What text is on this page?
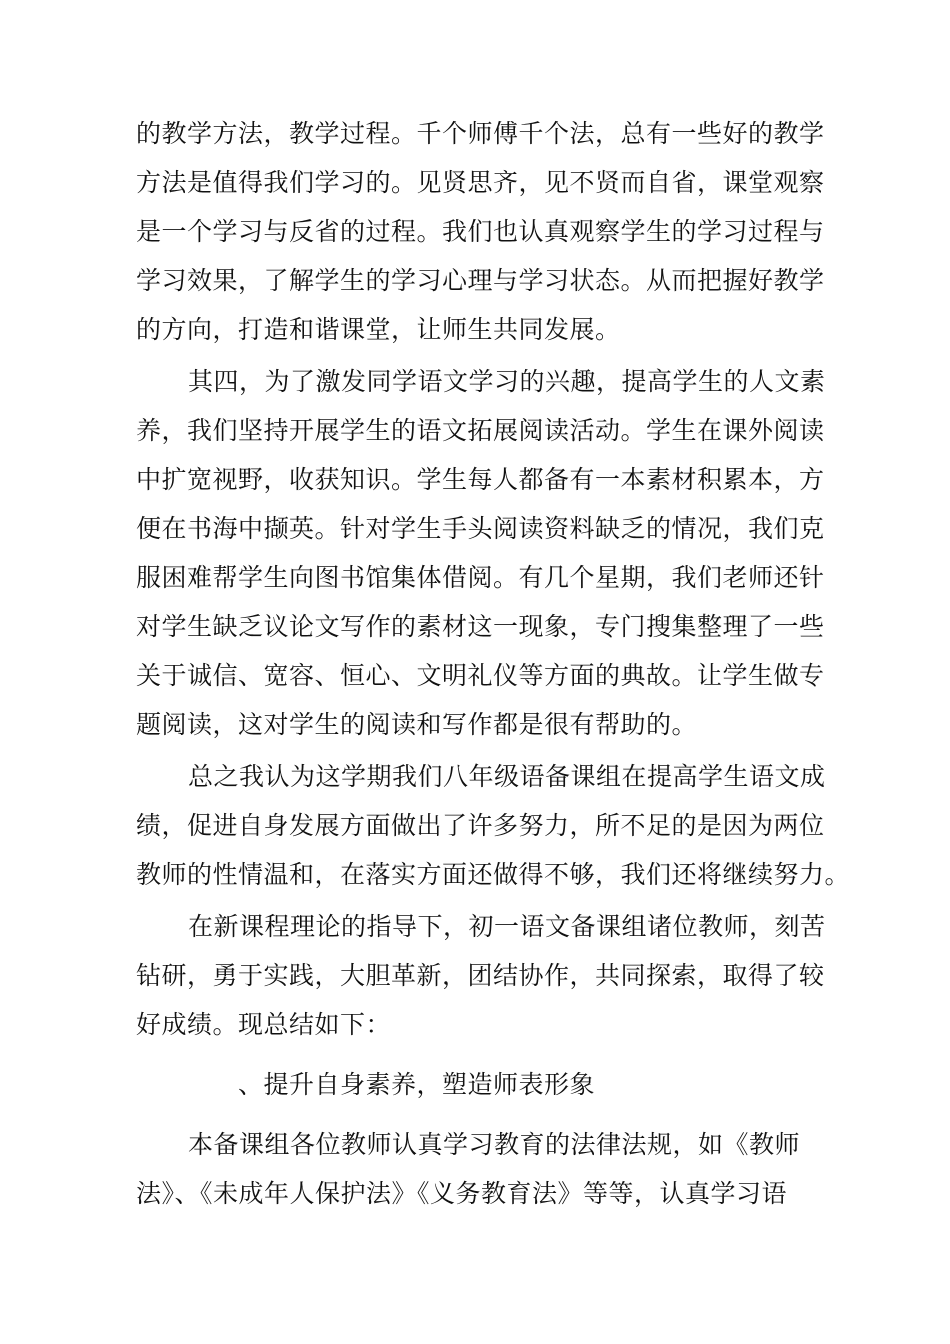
的教学方法，教学过程。千个师傅千个法，总有一些好的教学
方法是值得我们学习的。见贤思齐，见不贤而自省，课堂观察
是一个学习与反省的过程。我们也认真观察学生的学习过程与
学习效果，了解学生的学习心理与学习状态。从而把握好教学
的方向，打造和谐课堂，让师生共同发展。
其四，为了激发同学语文学习的兴趣，提高学生的人文素
养，我们坚持开展学生的语文拓展阅读活动。学生在课外阅读
中扩宽视野，收获知识。学生每人都备有一本素材积累本，方
便在书海中撷英。针对学生手头阅读资料缺乏的情况，我们克
服困难帮学生向图书馆集体借阅。有几个星期，我们老师还针
对学生缺乏议论文写作的素材这一现象，专门搜集整理了一些
关于诚信、宽容、恒心、文明礼仪等方面的典故。让学生做专
题阅读，这对学生的阅读和写作都是很有帮助的。
总之我认为这学期我们八年级语备课组在提高学生语文成
绩，促进自身发展方面做出了许多努力，所不足的是因为两位
教师的性情温和，在落实方面还做得不够，我们还将继续努力。
在新课程理论的指导下，初一语文备课组诸位教师，刻苦
钻研，勇于实践，大胆革新，团结协作，共同探索，取得了较
好成绩。现总结如下：
、提升自身素养，塑造师表形象
本备课组各位教师认真学习教育的法律法规，如《教师
法》、《未成年人保护法》《义务教育法》等等，认真学习语
